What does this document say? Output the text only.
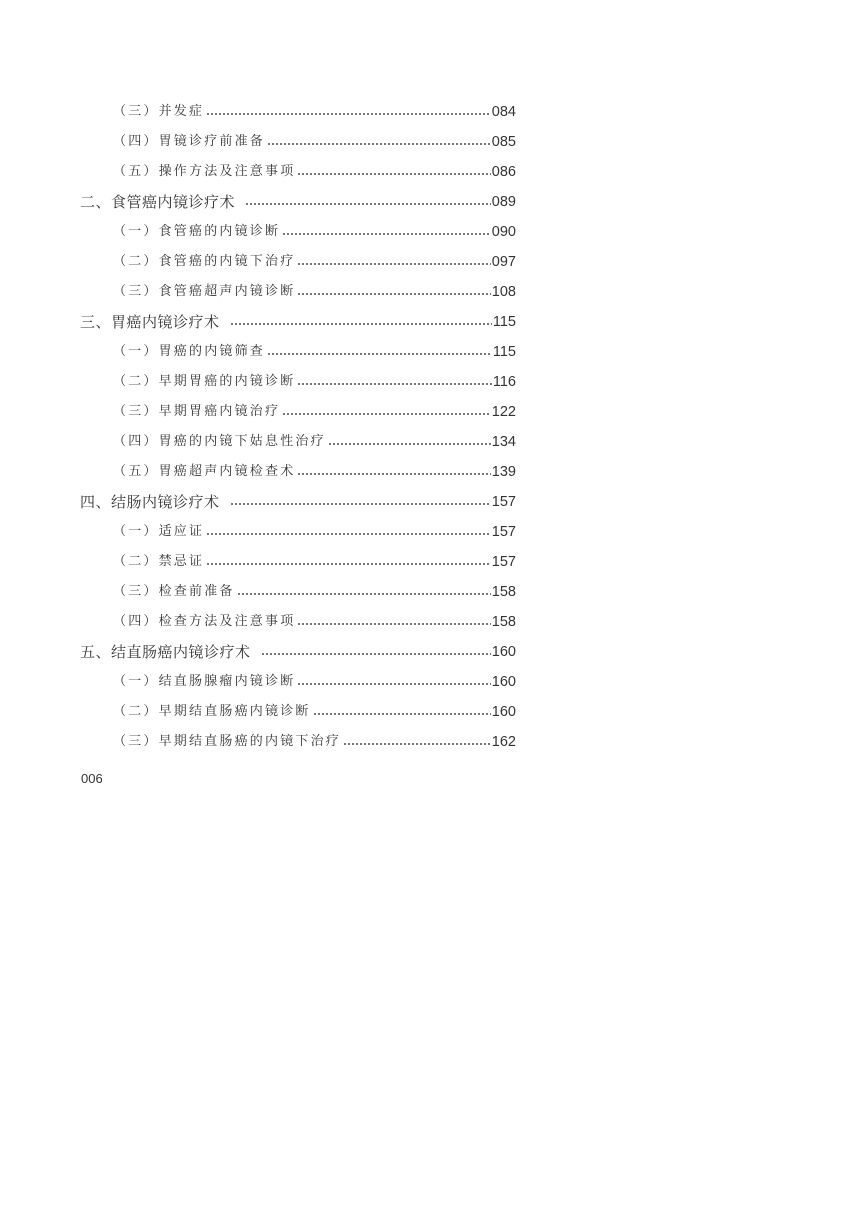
（三）并发症	084
（四）胃镜诊疗前准备	085
（五）操作方法及注意事项	086
二、食管癌内镜诊疗术	089
（一）食管癌的内镜诊断	090
（二）食管癌的内镜下治疗	097
（三）食管癌超声内镜诊断	108
三、胃癌内镜诊疗术	115
（一）胃癌的内镜筛查	115
（二）早期胃癌的内镜诊断	116
（三）早期胃癌内镜治疗	122
（四）胃癌的内镜下姑息性治疗	134
（五）胃癌超声内镜检查术	139
四、结肠内镜诊疗术	157
（一）适应证	157
（二）禁忌证	157
（三）检查前准备	158
（四）检查方法及注意事项	158
五、结直肠癌内镜诊疗术	160
（一）结直肠腺瘤内镜诊断	160
（二）早期结直肠癌内镜诊断	160
（三）早期结直肠癌的内镜下治疗	162
006
